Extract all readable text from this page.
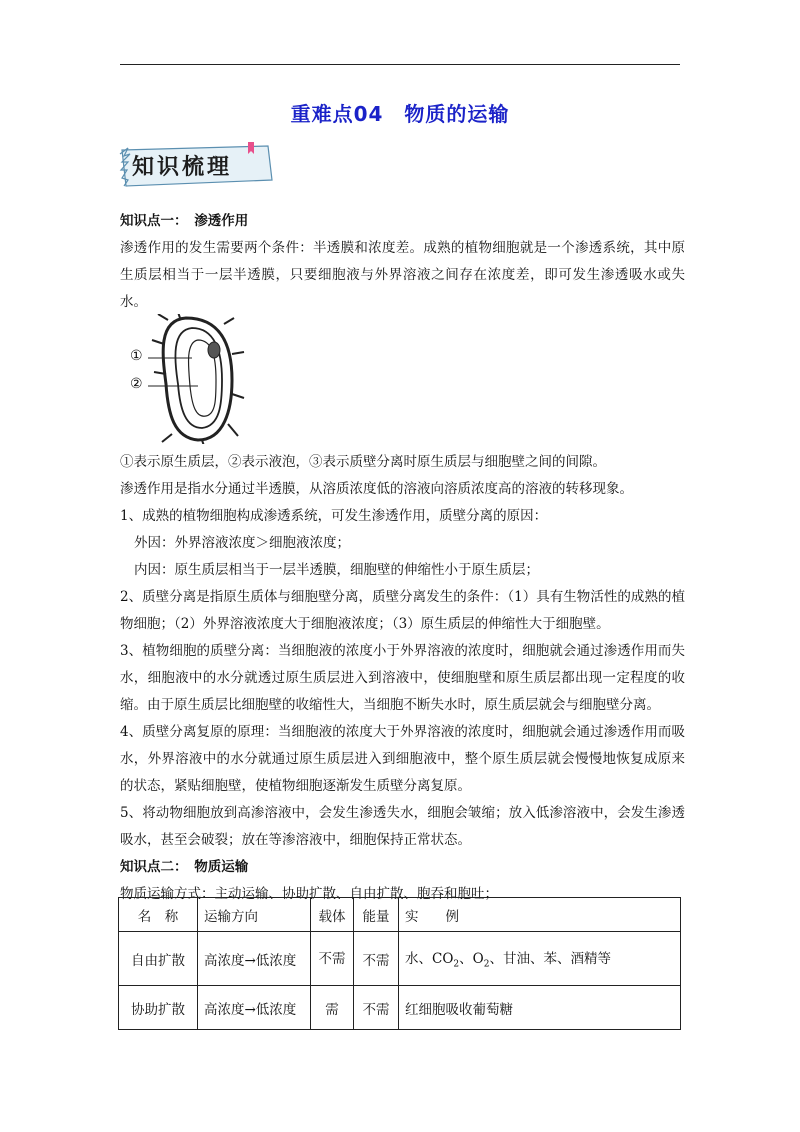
重难点04　物质的运输
知识梳理
知识点一：　渗透作用

渗透作用的发生需要两个条件：半透膜和浓度差。成熟的植物细胞就是一个渗透系统，其中原生质层相当于一层半透膜，只要细胞液与外界溶液之间存在浓度差，即可发生渗透吸水或失水。

①
②

①表示原生质层，②表示液泡，③表示质壁分离时原生质层与细胞壁之间的间隙。

渗透作用是指水分通过半透膜，从溶质浓度低的溶液向溶质浓度高的溶液的转移现象。

1、成熟的植物细胞构成渗透系统，可发生渗透作用，质壁分离的原因：

外因：外界溶液浓度＞细胞液浓度；

内因：原生质层相当于一层半透膜，细胞壁的伸缩性小于原生质层；

2、质壁分离是指原生质体与细胞壁分离，质壁分离发生的条件：（1）具有生物活性的成熟的植物细胞；（2）外界溶液浓度大于细胞液浓度；（3）原生质层的伸缩性大于细胞壁。

3、植物细胞的质壁分离：当细胞液的浓度小于外界溶液的浓度时，细胞就会通过渗透作用而失水，细胞液中的水分就透过原生质层进入到溶液中，使细胞壁和原生质层都出现一定程度的收缩。由于原生质层比细胞壁的收缩性大，当细胞不断失水时，原生质层就会与细胞壁分离。

4、质壁分离复原的原理：当细胞液的浓度大于外界溶液的浓度时，细胞就会通过渗透作用而吸水，外界溶液中的水分就通过原生质层进入到细胞液中，整个原生质层就会慢慢地恢复成原来的状态，紧贴细胞壁，使植物细胞逐渐发生质壁分离复原。

5、将动物细胞放到高渗溶液中，会发生渗透失水，细胞会皱缩；放入低渗溶液中，会发生渗透吸水，甚至会破裂；放在等渗溶液中，细胞保持正常状态。

知识点二：　物质运输

物质运输方式：主动运输、协助扩散、自由扩散、胞吞和胞吐；

名　称	运输方向	载体	能量	实　　例
自由扩散	高浓度→低浓度	不需	不需	水、$CO_2$、$O_2$、甘油、苯、酒精等
协助扩散	高浓度→低浓度	需	不需	红细胞吸收葡萄糖
